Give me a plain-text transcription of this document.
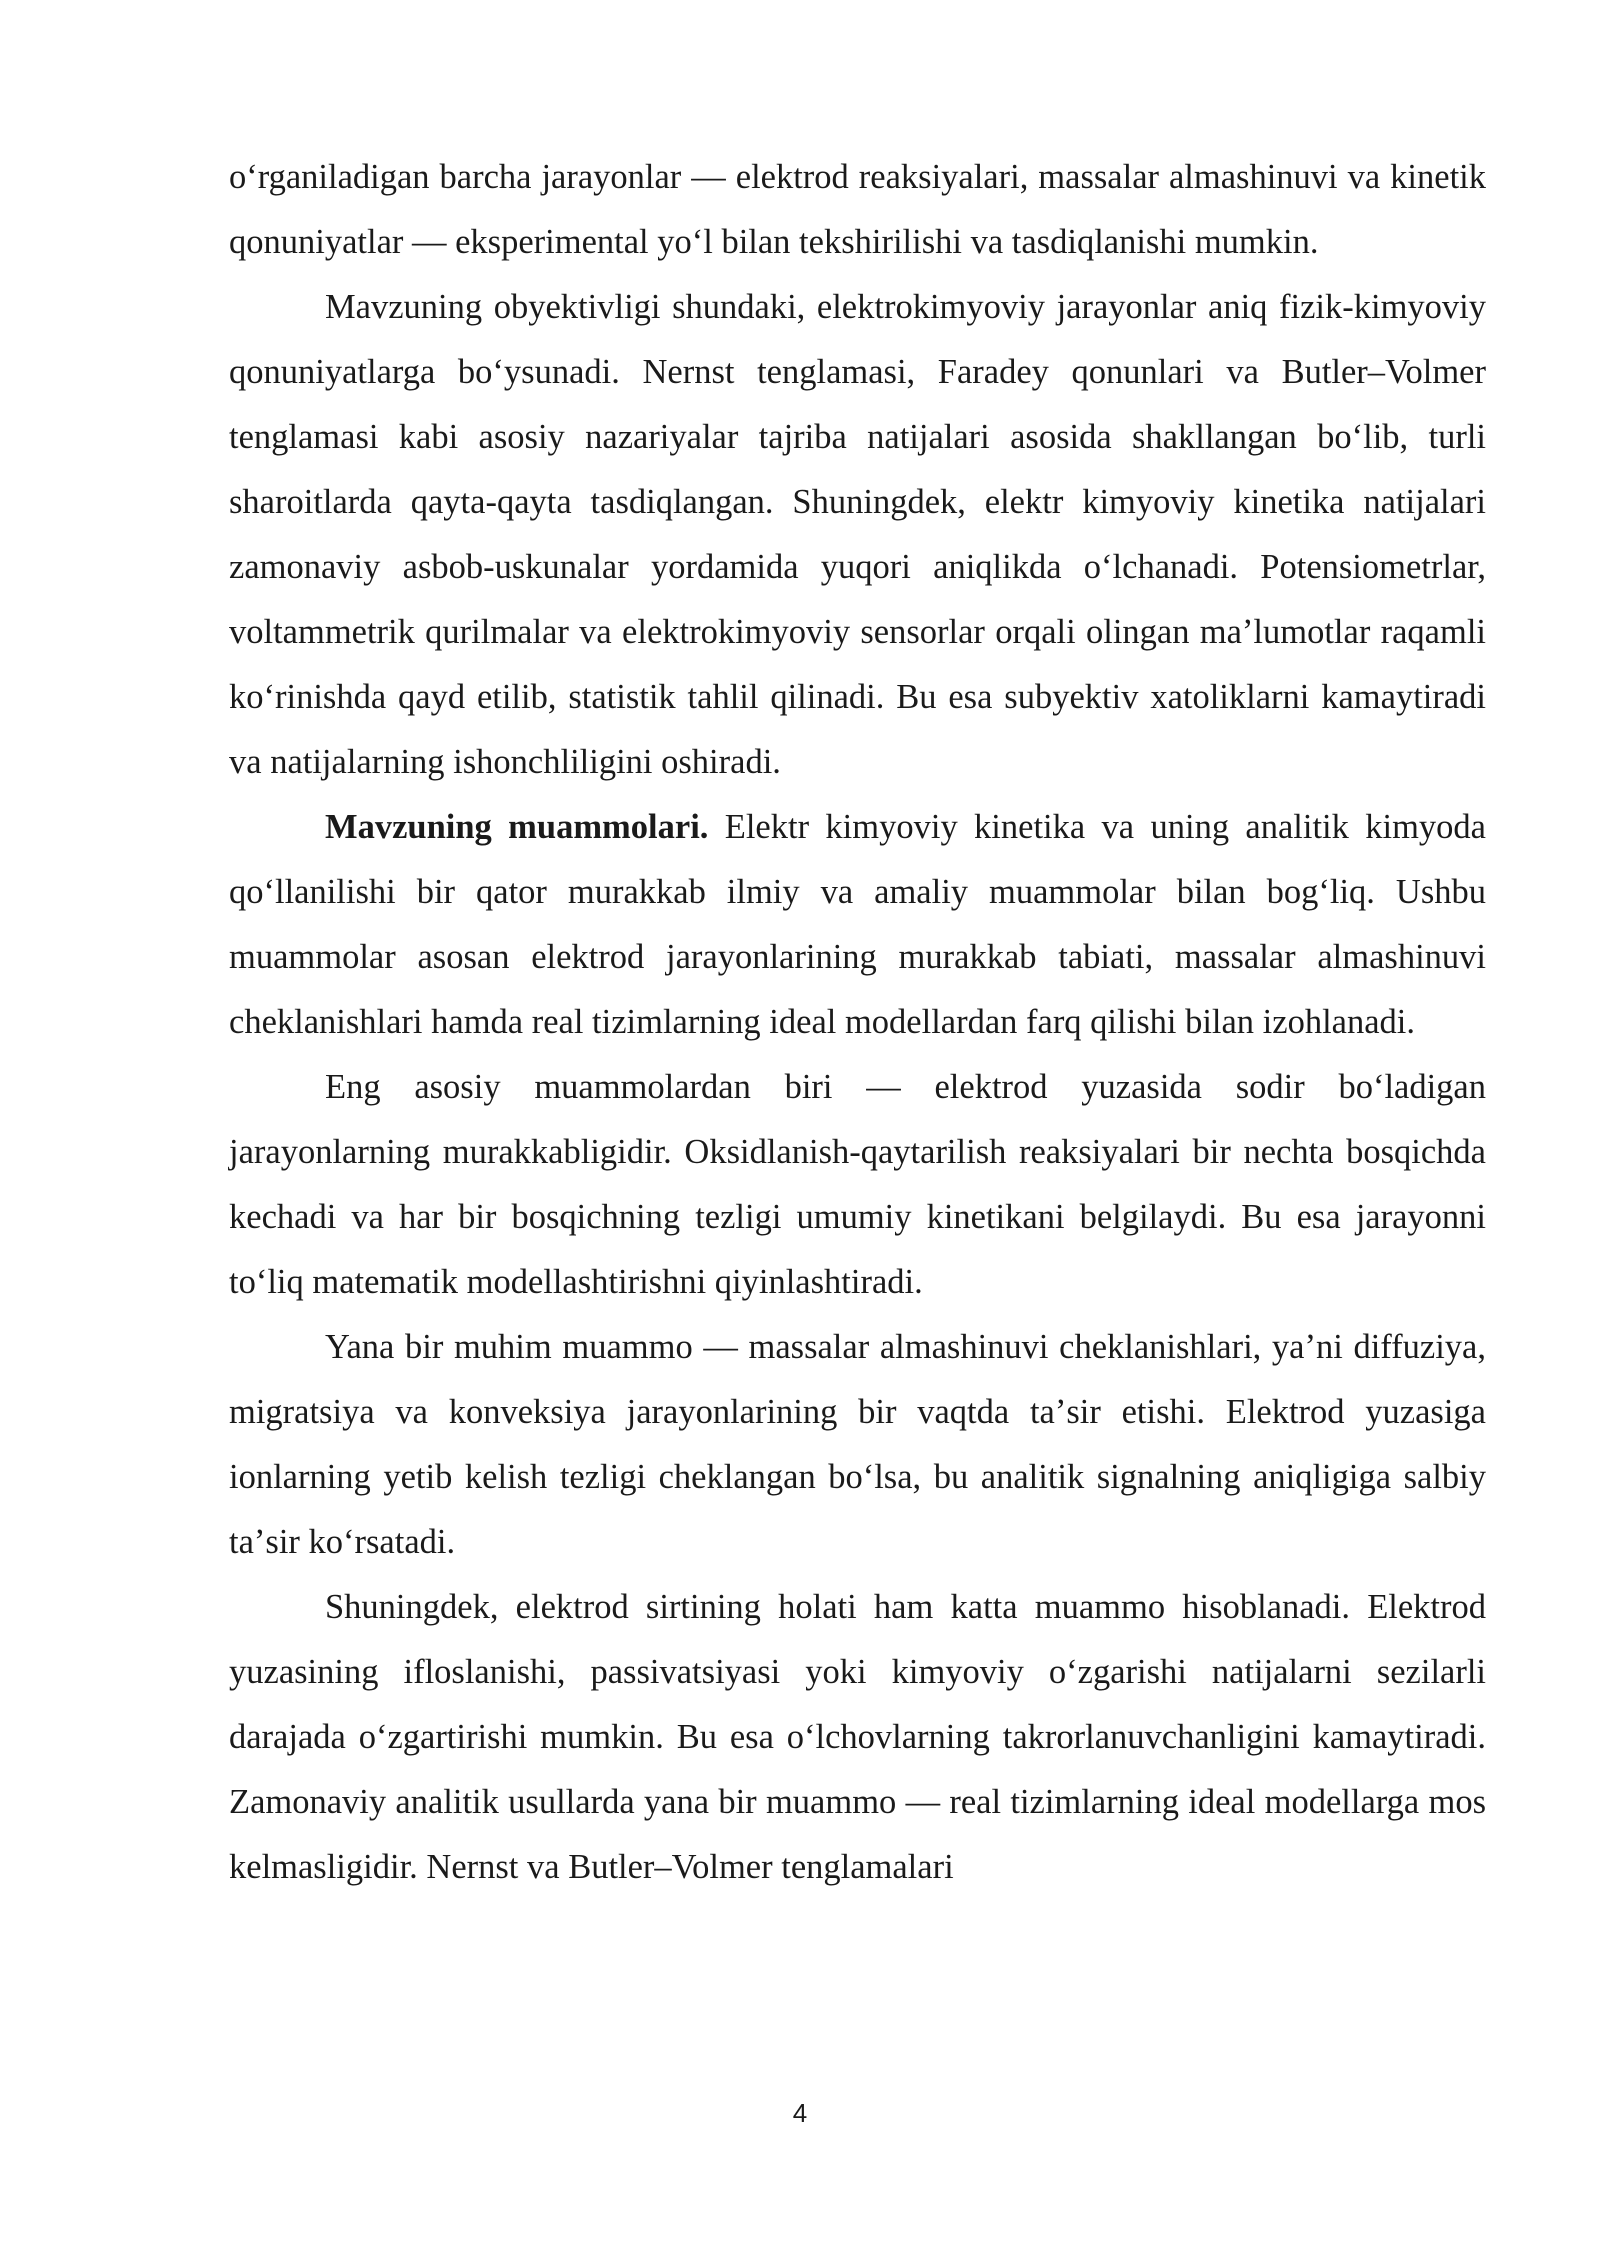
oʻrganiladigan barcha jarayonlar — elektrod reaksiyalari, massalar almashinuvi va kinetik qonuniyatlar — eksperimental yoʻl bilan tekshirilishi va tasdiqlanishi mumkin.

Mavzuning obyektivligi shundaki, elektrokimyoviy jarayonlar aniq fizik-kimyoviy qonuniyatlarga boʻysunadi. Nernst tenglamasi, Faradey qonunlari va Butler–Volmer tenglamasi kabi asosiy nazariyalar tajriba natijalari asosida shakllangan boʻlib, turli sharoitlarda qayta-qayta tasdiqlangan. Shuningdek, elektr kimyoviy kinetika natijalari zamonaviy asbob-uskunalar yordamida yuqori aniqlikda oʻlchanadi. Potensiometrlar, voltammetrik qurilmalar va elektrokimyoviy sensorlar orqali olingan maʼlumotlar raqamli koʻrinishda qayd etilib, statistik tahlil qilinadi. Bu esa subyektiv xatoliklarni kamaytiradi va natijalarning ishonchliligini oshiradi.

Mavzuning muammolari. Elektr kimyoviy kinetika va uning analitik kimyoda qoʻllanilishi bir qator murakkab ilmiy va amaliy muammolar bilan bogʻliq. Ushbu muammolar asosan elektrod jarayonlarining murakkab tabiati, massalar almashinuvi cheklanishlari hamda real tizimlarning ideal modellardan farq qilishi bilan izohlanadi.

Eng asosiy muammolardan biri — elektrod yuzasida sodir boʻladigan jarayonlarning murakkabligidir. Oksidlanish-qaytarilish reaksiyalari bir nechta bosqichda kechadi va har bir bosqichning tezligi umumiy kinetikani belgilaydi. Bu esa jarayonni toʻliq matematik modellashtirishni qiyinlashtiradi.

Yana bir muhim muammo — massalar almashinuvi cheklanishlari, yaʼni diffuziya, migratsiya va konveksiya jarayonlarining bir vaqtda taʼsir etishi. Elektrod yuzasiga ionlarning yetib kelish tezligi cheklangan boʻlsa, bu analitik signalning aniqligiga salbiy taʼsir koʻrsatadi.

Shuningdek, elektrod sirtining holati ham katta muammo hisoblanadi. Elektrod yuzasining ifloslanishi, passivatsiyasi yoki kimyoviy oʻzgarishi natijalarni sezilarli darajada oʻzgartirishi mumkin. Bu esa oʻlchovlarning takrorlanuvchanligini kamaytiradi. Zamonaviy analitik usullarda yana bir muammo — real tizimlarning ideal modellarga mos kelmasligidir. Nernst va Butler–Volmer tenglamalari

4
